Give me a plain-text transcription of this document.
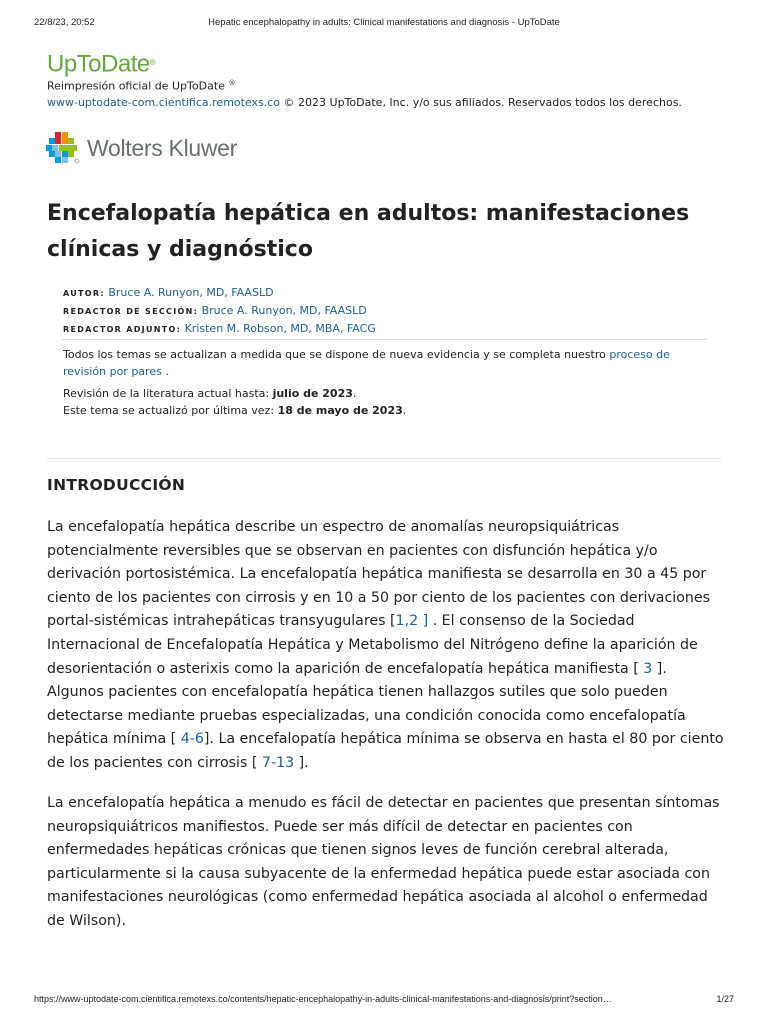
22/8/23, 20:52	Hepatic encephalopathy in adults: Clinical manifestations and diagnosis - UpToDate
UpToDate®
Reimpresión oficial de UpToDate ®
www-uptodate-com.cientifica.remotexs.co © 2023 UpToDate, Inc. y/o sus afiliados. Reservados todos los derechos.
Wolters Kluwer
Encefalopatía hepática en adultos: manifestaciones clínicas y diagnóstico
AUTOR: Bruce A. Runyon, MD, FAASLD
REDACTOR DE SECCIÓN: Bruce A. Runyon, MD, FAASLD
REDACTOR ADJUNTO: Kristen M. Robson, MD, MBA, FACG
Todos los temas se actualizan a medida que se dispone de nueva evidencia y se completa nuestro proceso de revisión por pares .
Revisión de la literatura actual hasta: julio de 2023.
Este tema se actualizó por última vez: 18 de mayo de 2023.
INTRODUCCIÓN

La encefalopatía hepática describe un espectro de anomalías neuropsiquiátricas potencialmente reversibles que se observan en pacientes con disfunción hepática y/o derivación portosistémica. La encefalopatía hepática manifiesta se desarrolla en 30 a 45 por ciento de los pacientes con cirrosis y en 10 a 50 por ciento de los pacientes con derivaciones portal-sistémicas intrahepáticas transyugulares [1,2 ] . El consenso de la Sociedad Internacional de Encefalopatía Hepática y Metabolismo del Nitrógeno define la aparición de desorientación o asterixis como la aparición de encefalopatía hepática manifiesta [ 3 ]. Algunos pacientes con encefalopatía hepática tienen hallazgos sutiles que solo pueden detectarse mediante pruebas especializadas, una condición conocida como encefalopatía hepática mínima [ 4-6]. La encefalopatía hepática mínima se observa en hasta el 80 por ciento de los pacientes con cirrosis [ 7-13 ].

La encefalopatía hepática a menudo es fácil de detectar en pacientes que presentan síntomas neuropsiquiátricos manifiestos. Puede ser más difícil de detectar en pacientes con enfermedades hepáticas crónicas que tienen signos leves de función cerebral alterada, particularmente si la causa subyacente de la enfermedad hepática puede estar asociada con manifestaciones neurológicas (como enfermedad hepática asociada al alcohol o enfermedad de Wilson).

https://www-uptodate-com.cientifica.remotexs.co/contents/hepatic-encephalopathy-in-adults-clinical-manifestations-and-diagnosis/print?section…	1/27
